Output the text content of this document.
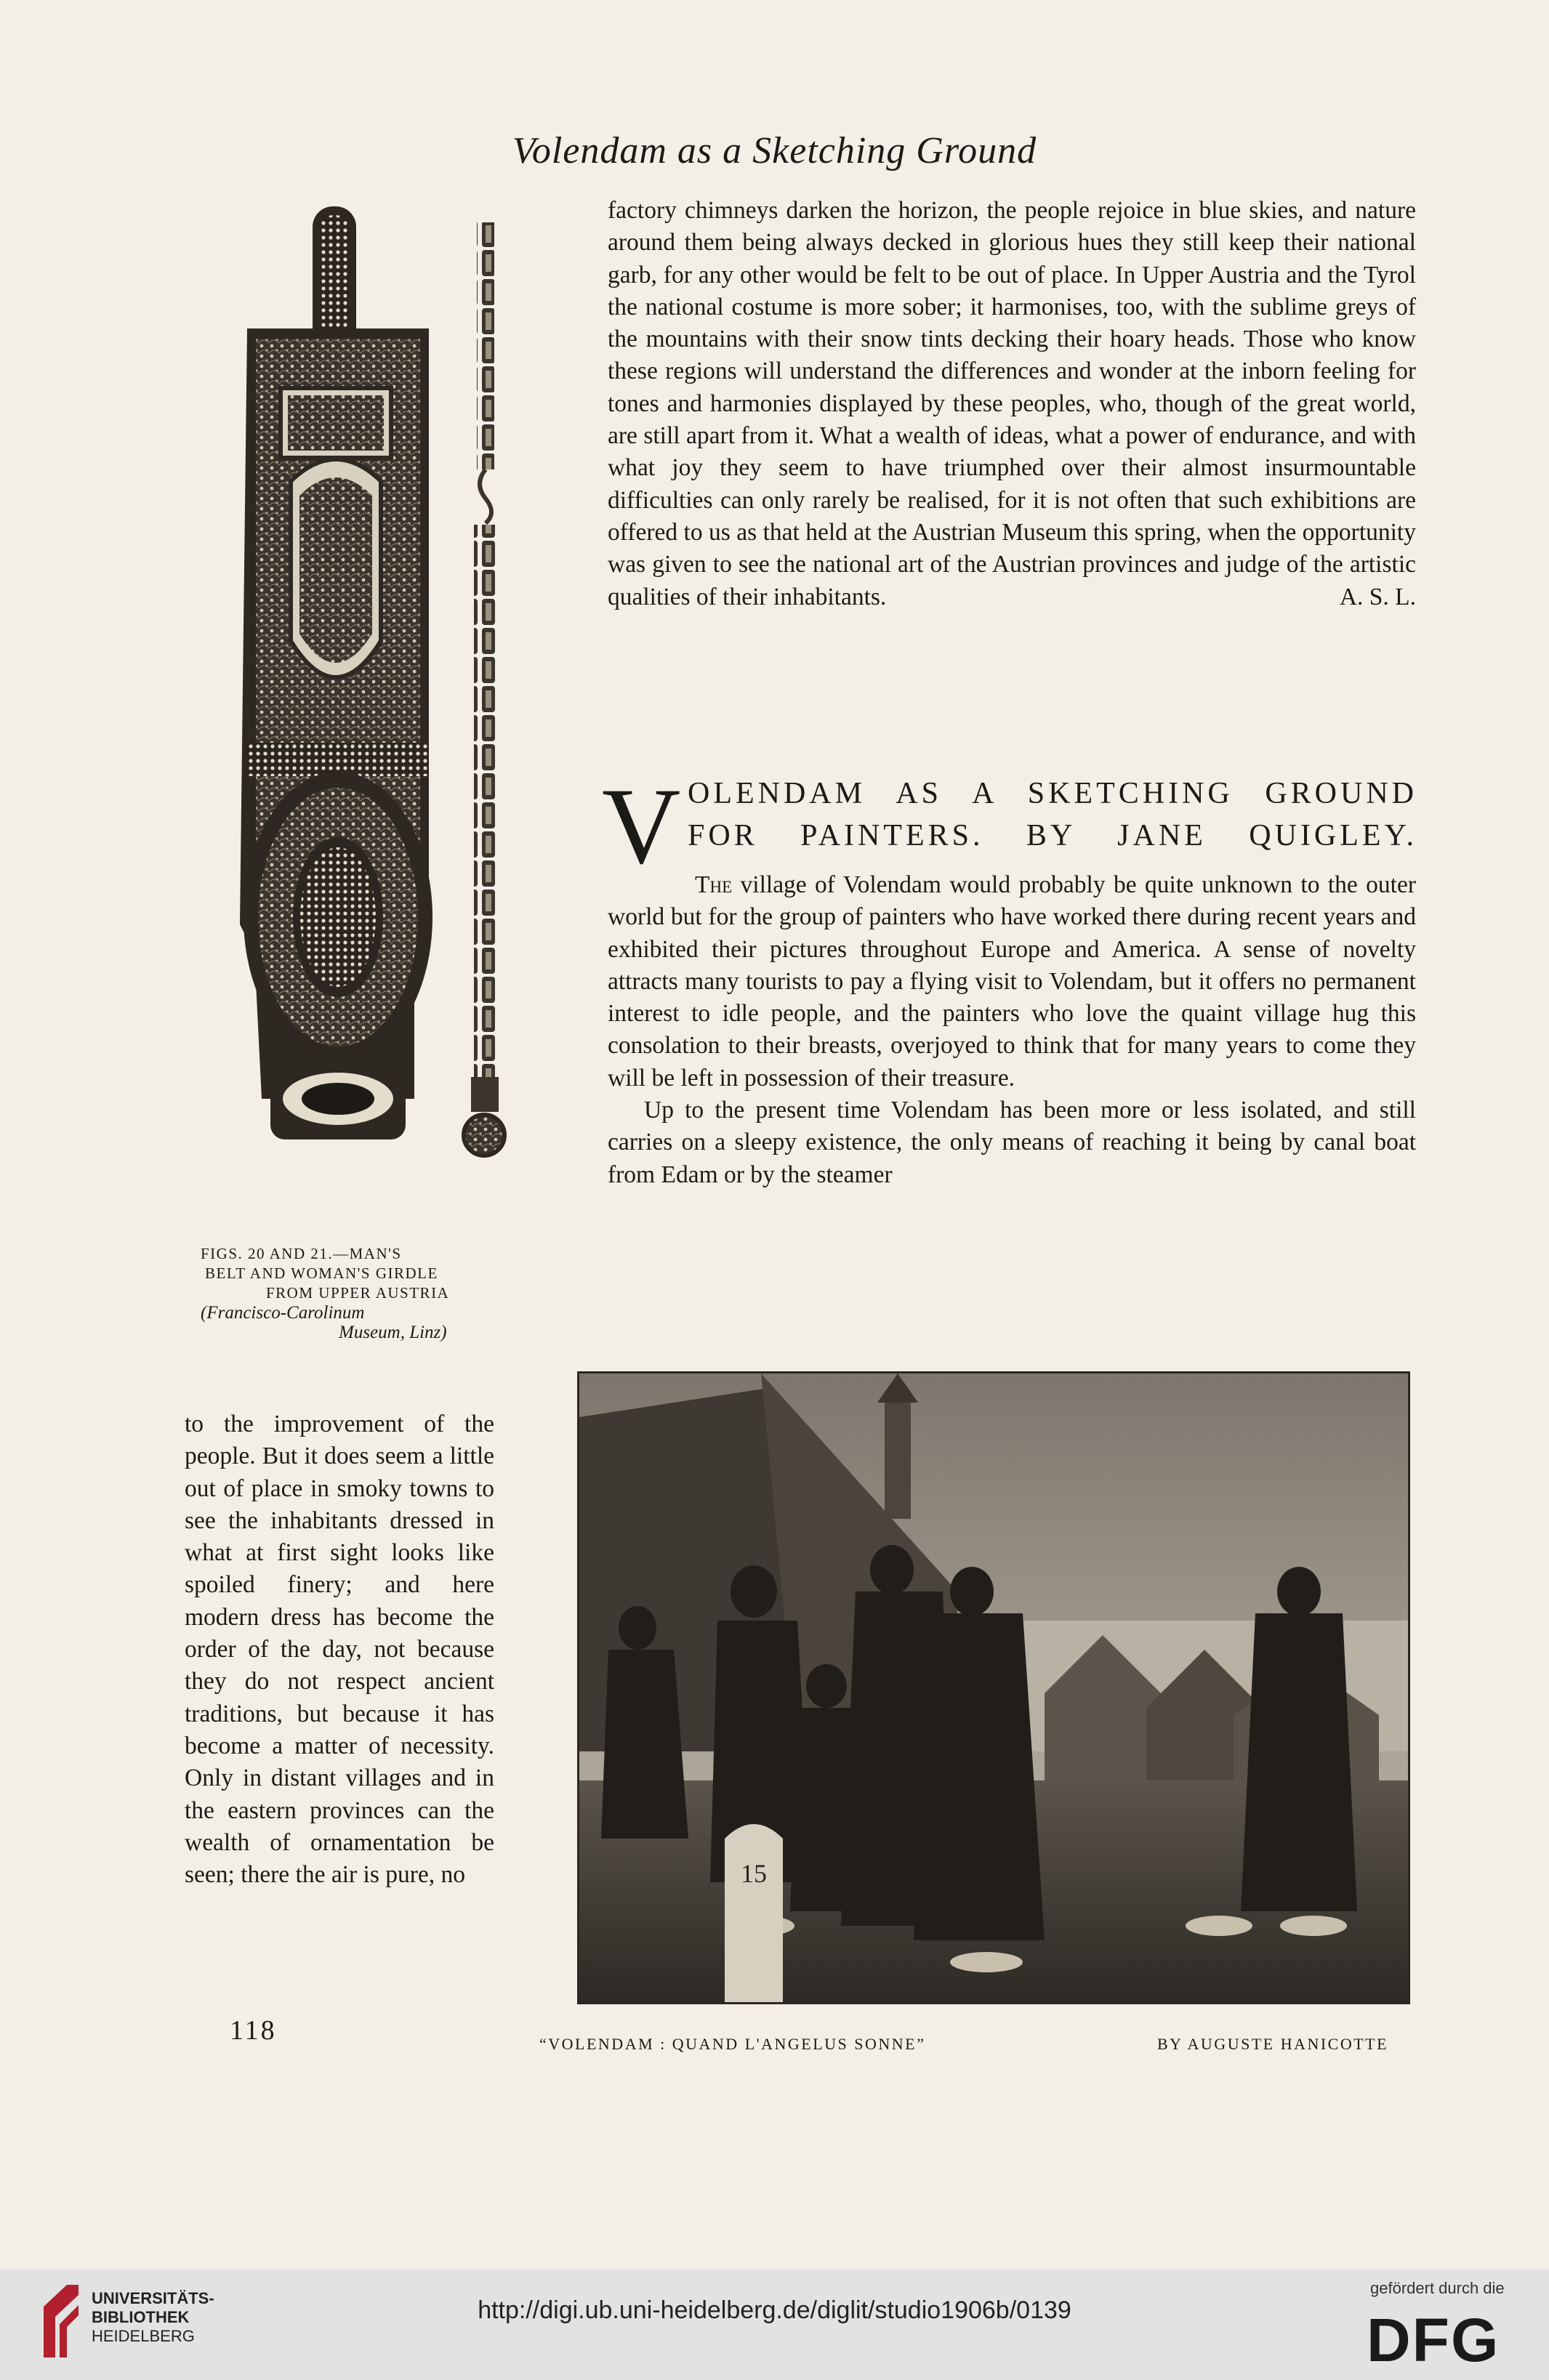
Volendam as a Sketching Ground
FIGS. 20 AND 21.—MAN'S
BELT AND WOMAN'S GIRDLE
FROM UPPER AUSTRIA
(Francisco-Carolinum
Museum, Linz)

factory chimneys darken the horizon, the people rejoice in blue skies, and nature around them being always decked in glorious hues they still keep their national garb, for any other would be felt to be out of place. In Upper Austria and the Tyrol the national costume is more sober; it harmonises, too, with the sublime greys of the mountains with their snow tints decking their hoary heads. Those who know these regions will understand the differences and wonder at the inborn feeling for tones and harmonies displayed by these peoples, who, though of the great world, are still apart from it. What a wealth of ideas, what a power of endurance, and with what joy they seem to have triumphed over their almost insurmountable difficulties can only rarely be realised, for it is not often that such exhibitions are offered to us as that held at the Austrian Museum this spring, when the opportunity was given to see the national art of the Austrian provinces and judge of the artistic qualities of their inhabitants.	A. S. L.

V OLENDAM AS A SKETCHING GROUND
FOR PAINTERS. BY JANE QUIGLEY.

The village of Volendam would probably be quite unknown to the outer world but for the group of painters who have worked there during recent years and exhibited their pictures throughout Europe and America. A sense of novelty attracts many tourists to pay a flying visit to Volendam, but it offers no permanent interest to idle people, and the painters who love the quaint village hug this consolation to their breasts, overjoyed to think that for many years to come they will be left in possession of their treasure.

Up to the present time Volendam has been more or less isolated, and still carries on a sleepy existence, the only means of reaching it being by canal boat from Edam or by the steamer

to the improvement of the people. But it does seem a little out of place in smoky towns to see the inhabitants dressed in what at first sight looks like spoiled finery; and here modern dress has become the order of the day, not because they do not respect ancient traditions, but because it has become a matter of necessity. Only in distant villages and in the eastern provinces can the wealth of ornamentation be seen; there the air is pure, no	15
118	“VOLENDAM : QUAND L'ANGELUS SONNE”	BY AUGUSTE HANICOTTE
UNIVERSITÄTS-
BIBLIOTHEK
HEIDELBERG
http://digi.ub.uni-heidelberg.de/diglit/studio1906b/0139
gefördert durch die
DFG
